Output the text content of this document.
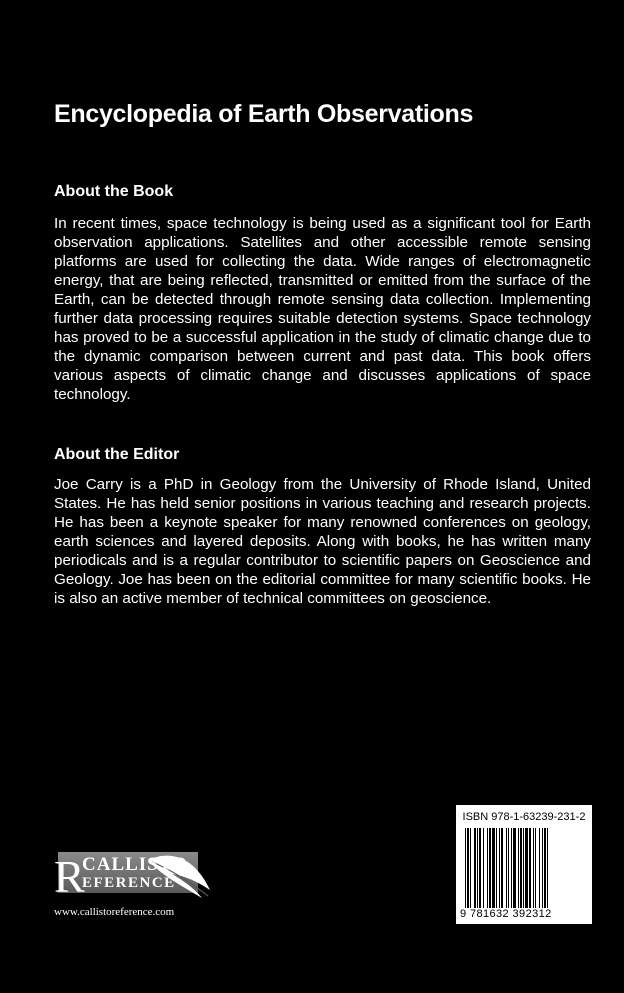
Encyclopedia of Earth Observations
About the Book

In recent times, space technology is being used as a significant tool for Earth observation applications. Satellites and other accessible remote sensing platforms are used for collecting the data. Wide ranges of electromagnetic energy, that are being reflected, transmitted or emitted from the surface of the Earth, can be detected through remote sensing data collection. Implementing further data processing requires suitable detection systems. Space technology has proved to be a successful application in the study of climatic change due to the dynamic comparison between current and past data. This book offers various aspects of climatic change and discusses applications of space technology.

About the Editor

Joe Carry is a PhD in Geology from the University of Rhode Island, United States. He has held senior positions in various teaching and research projects. He has been a keynote speaker for many renowned conferences on geology, earth sciences and layered deposits. Along with books, he has written many periodicals and is a regular contributor to scientific papers on Geoscience and Geology. Joe has been on the editorial committee for many scientific books. He is also an active member of technical committees on geoscience.

R
CALLISTO
EFERENCE

www.callistoreference.com

ISBN 978-1-63239-231-2
9 781632 392312
